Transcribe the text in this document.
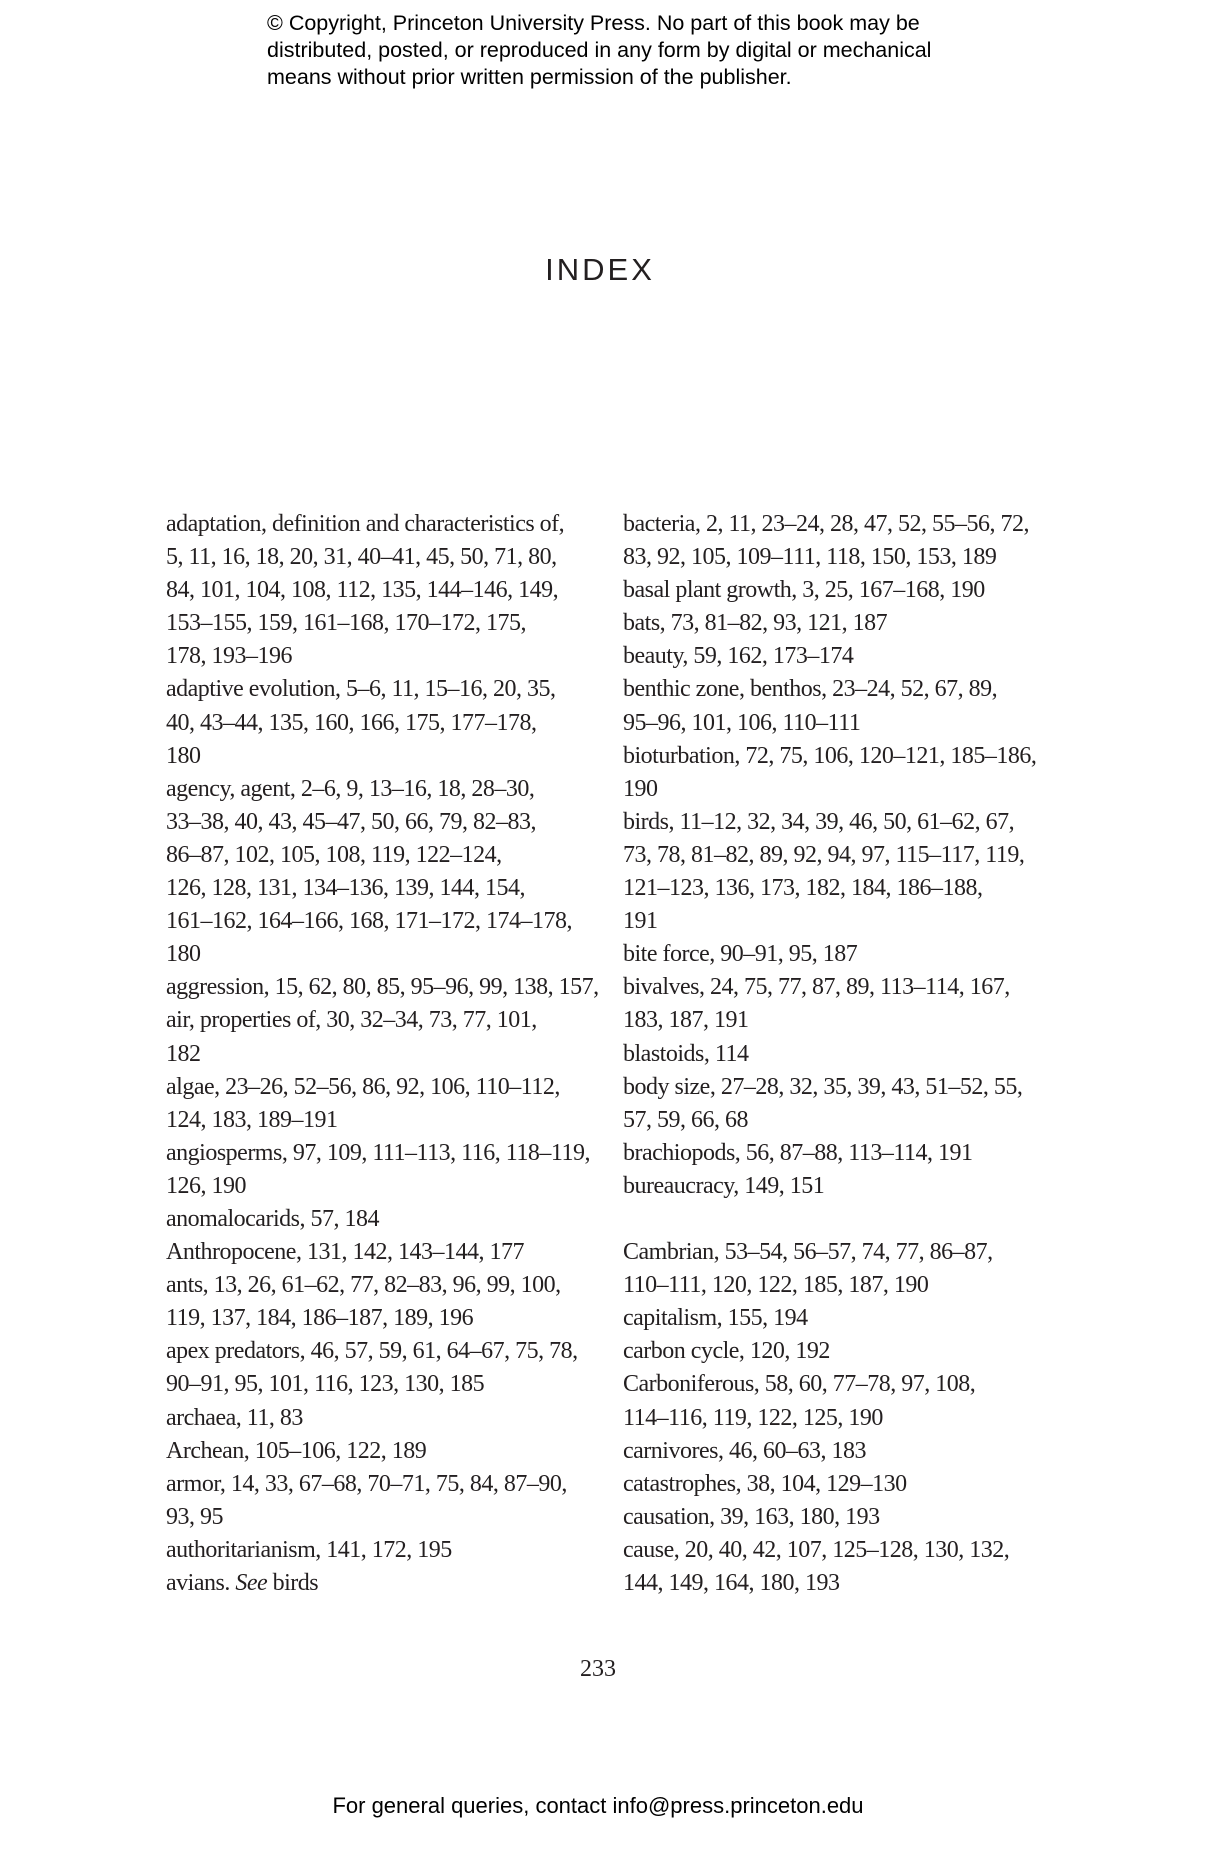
© Copyright, Princeton University Press. No part of this book may be
distributed, posted, or reproduced in any form by digital or mechanical
means without prior written permission of the publisher.
INDEX
adaptation, definition and characteristics of,
5, 11, 16, 18, 20, 31, 40–41, 45, 50, 71, 80,
84, 101, 104, 108, 112, 135, 144–146, 149,
153–155, 159, 161–168, 170–172, 175,
178, 193–196
adaptive evolution, 5–6, 11, 15–16, 20, 35,
40, 43–44, 135, 160, 166, 175, 177–178,
180
agency, agent, 2–6, 9, 13–16, 18, 28–30,
33–38, 40, 43, 45–47, 50, 66, 79, 82–83,
86–87, 102, 105, 108, 119, 122–124,
126, 128, 131, 134–136, 139, 144, 154,
161–162, 164–166, 168, 171–172, 174–178,
180
aggression, 15, 62, 80, 85, 95–96, 99, 138, 157,
air, properties of, 30, 32–34, 73, 77, 101,
182
algae, 23–26, 52–56, 86, 92, 106, 110–112,
124, 183, 189–191
angiosperms, 97, 109, 111–113, 116, 118–119,
126, 190
anomalocarids, 57, 184
Anthropocene, 131, 142, 143–144, 177
ants, 13, 26, 61–62, 77, 82–83, 96, 99, 100,
119, 137, 184, 186–187, 189, 196
apex predators, 46, 57, 59, 61, 64–67, 75, 78,
90–91, 95, 101, 116, 123, 130, 185
archaea, 11, 83
Archean, 105–106, 122, 189
armor, 14, 33, 67–68, 70–71, 75, 84, 87–90,
93, 95
authoritarianism, 141, 172, 195
avians. See birds
bacteria, 2, 11, 23–24, 28, 47, 52, 55–56, 72,
83, 92, 105, 109–111, 118, 150, 153, 189
basal plant growth, 3, 25, 167–168, 190
bats, 73, 81–82, 93, 121, 187
beauty, 59, 162, 173–174
benthic zone, benthos, 23–24, 52, 67, 89,
95–96, 101, 106, 110–111
bioturbation, 72, 75, 106, 120–121, 185–186,
190
birds, 11–12, 32, 34, 39, 46, 50, 61–62, 67,
73, 78, 81–82, 89, 92, 94, 97, 115–117, 119,
121–123, 136, 173, 182, 184, 186–188,
191
bite force, 90–91, 95, 187
bivalves, 24, 75, 77, 87, 89, 113–114, 167,
183, 187, 191
blastoids, 114
body size, 27–28, 32, 35, 39, 43, 51–52, 55,
57, 59, 66, 68
brachiopods, 56, 87–88, 113–114, 191
bureaucracy, 149, 151
Cambrian, 53–54, 56–57, 74, 77, 86–87,
110–111, 120, 122, 185, 187, 190
capitalism, 155, 194
carbon cycle, 120, 192
Carboniferous, 58, 60, 77–78, 97, 108,
114–116, 119, 122, 125, 190
carnivores, 46, 60–63, 183
catastrophes, 38, 104, 129–130
causation, 39, 163, 180, 193
cause, 20, 40, 42, 107, 125–128, 130, 132,
144, 149, 164, 180, 193
233
For general queries, contact info@press.princeton.edu
